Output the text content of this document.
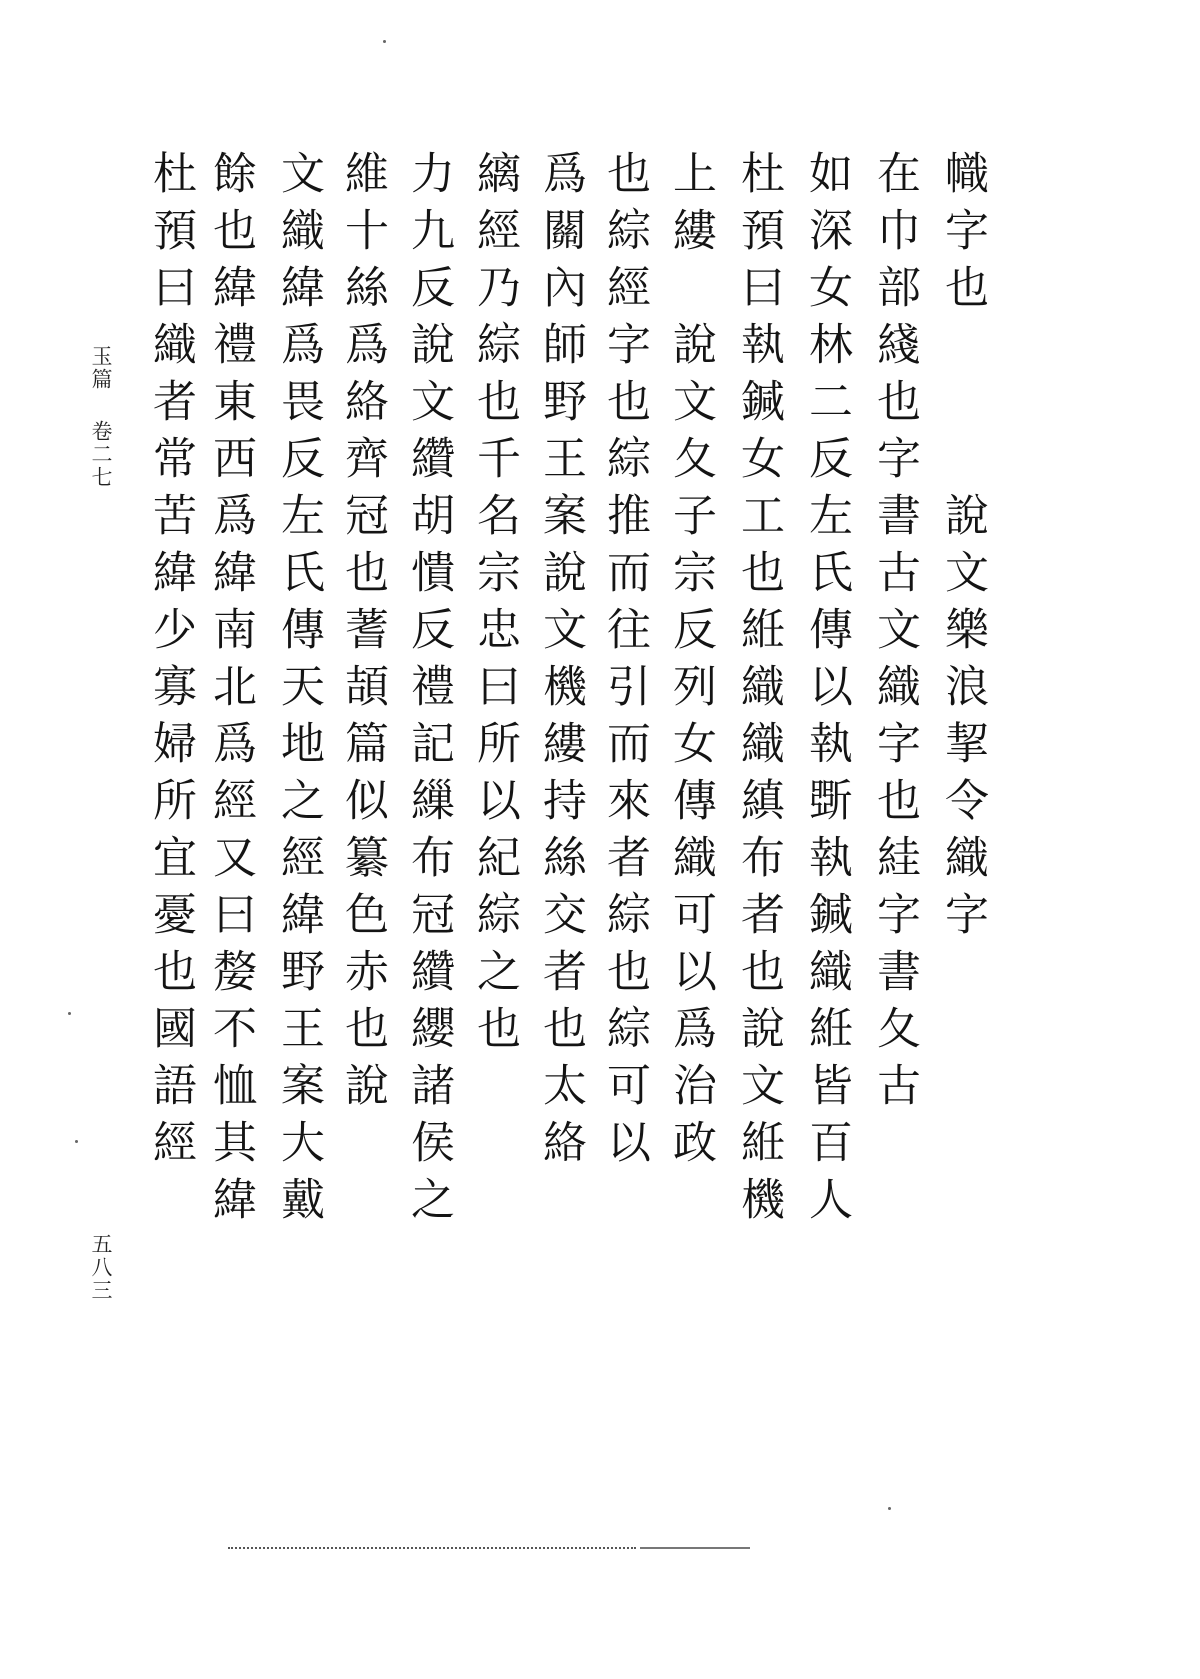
玉篇
卷二七
五八三
幟字也　　　說文樂浪挈令織字
在巾部綫也字書古文織字也絓字書夂古
如深女林二反左氏傳以執斲執鍼織絍皆百人
杜預曰執鍼女工也絍織織縝布者也說文絍機
上縷　說文夂子宗反列女傳織可以爲治政
也綜經字也綜推而往引而來者綜也綜可以
爲關內師野王案說文機縷持絲交者也太絡
縭經乃綜也千名宗忠曰所以紀綜之也
力九反說文纘胡憒反禮記繅布冠纘纓諸侯之
維十絲爲絡齊冠也蓍頡篇似纂色赤也說
文織緯爲畏反左氏傳天地之經緯野王案大戴
餘也緯禮東西爲緯南北爲經又曰嫠不恤其緯
杜預曰織者常苦緯少寡婦所宜憂也國語經
